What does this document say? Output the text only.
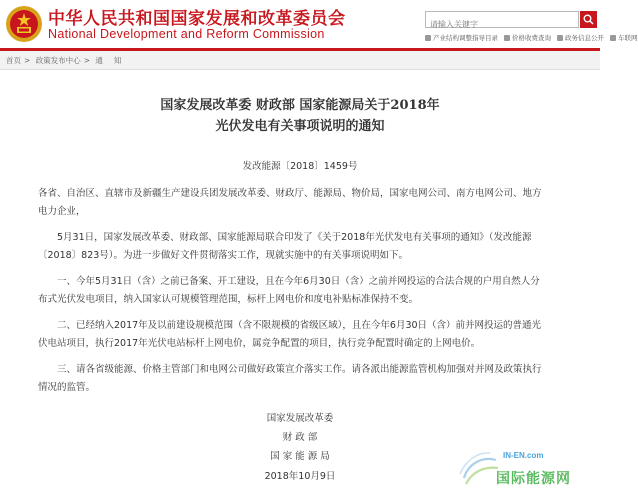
中华人民共和国国家发展和改革委员会
National Development and Reform Commission
请输入关键字	产业结构调整指导目录 价格收费查询 政务信息公开 车联网
首页 > 政策发布中心 > 通 知
国家发展改革委 财政部 国家能源局关于2018年
光伏发电有关事项说明的通知
发改能源〔2018〕1459号

各省、自治区、直辖市及新疆生产建设兵团发展改革委、财政厅、能源局、物价局，国家电网公司、南方电网公司、地方电力企业，

5月31日，国家发展改革委、财政部、国家能源局联合印发了《关于2018年光伏发电有关事项的通知》（发改能源〔2018〕823号）。为进一步做好文件贯彻落实工作，现就实施中的有关事项说明如下。

一、今年5月31日（含）之前已备案、开工建设，且在今年6月30日（含）之前并网投运的合法合规的户用自然人分布式光伏发电项目，纳入国家认可规模管理范围，标杆上网电价和度电补贴标准保持不变。

二、已经纳入2017年及以前建设规模范围（含不限规模的省级区域），且在今年6月30日（含）前并网投运的普通光伏电站项目，执行2017年光伏电站标杆上网电价，属竞争配置的项目，执行竞争配置时确定的上网电价。

三、请各省级能源、价格主管部门和电网公司做好政策宣介落实工作。请各派出能源监管机构加强对并网及政策执行情况的监管。

国家发展改革委
财 政 部
国 家 能 源 局
2018年10月9日
IN-EN.com
国际能源网
